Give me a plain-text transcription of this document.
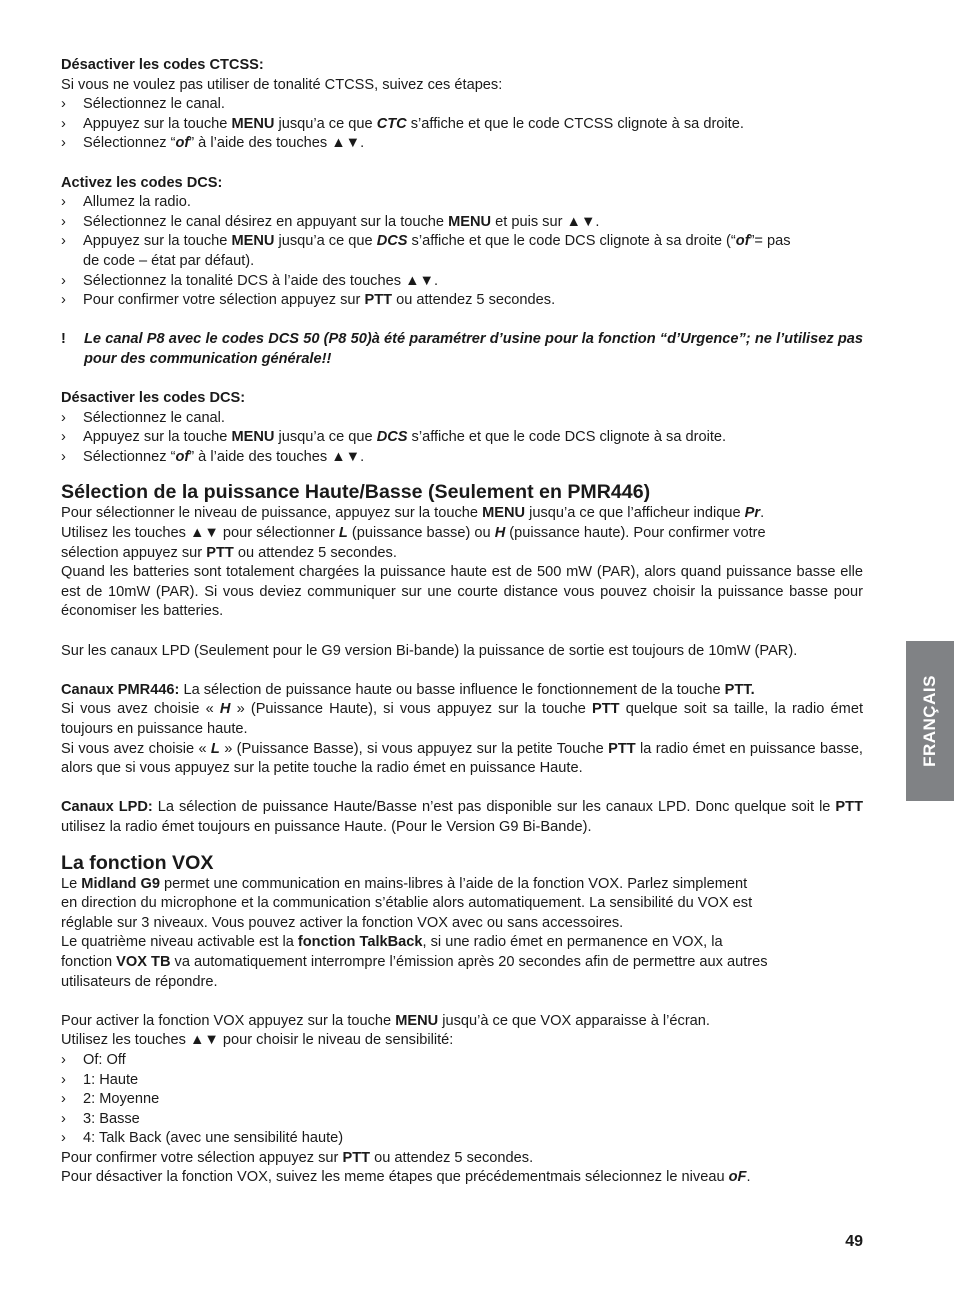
Désactiver les codes CTCSS:
Si vous ne voulez pas utiliser de tonalité CTCSS, suivez ces étapes:
› Sélectionnez le canal.
› Appuyez sur la touche MENU jusqu’a ce que CTC s’affiche et que le code CTCSS clignote à sa droite.
› Sélectionnez “of” à l’aide des touches ▲▼.
Activez les codes DCS:
› Allumez la radio.
› Sélectionnez le canal désirez en appuyant sur la touche MENU et puis sur ▲▼.
› Appuyez sur la touche MENU jusqu’a ce que DCS s’affiche et que le code DCS clignote à sa droite (“of”= pas
de code – état par défaut).
› Sélectionnez la tonalité DCS à l’aide des touches ▲▼.
› Pour confirmer votre sélection appuyez sur PTT ou attendez 5 secondes.
! Le canal P8 avec le codes DCS 50 (P8 50)à été paramétrer d’usine pour la fonction “d’Urgence”; ne l’utilisez pas pour des communication générale!!
Désactiver les codes DCS:
› Sélectionnez le canal.
› Appuyez sur la touche MENU jusqu’a ce que DCS s’affiche et que le code DCS clignote à sa droite.
› Sélectionnez “of” à l’aide des touches ▲▼.
Sélection de la puissance Haute/Basse (Seulement en PMR446)
Pour sélectionner le niveau de puissance, appuyez sur la touche MENU jusqu’a ce que l’afficheur indique Pr.
Utilisez les touches ▲▼ pour sélectionner L (puissance basse) ou H (puissance haute). Pour confirmer votre
sélection appuyez sur PTT ou attendez 5 secondes.
Quand les batteries sont totalement chargées la puissance haute est de 500 mW (PAR), alors quand puissance basse elle est de 10mW (PAR). Si vous deviez communiquer sur une courte distance vous pouvez choisir la puissance basse pour économiser les batteries.
Sur les canaux LPD (Seulement pour le G9 version Bi-bande) la puissance de sortie est toujours de 10mW (PAR).
Canaux PMR446: La sélection de puissance haute ou basse influence le fonctionnement de la touche PTT.
Si vous avez choisie « H » (Puissance Haute), si vous appuyez sur la touche PTT quelque soit sa taille, la radio émet toujours en puissance haute.
Si vous avez choisie « L » (Puissance Basse), si vous appuyez sur la petite Touche PTT la radio émet en puissance basse, alors que si vous appuyez sur la petite touche la radio émet en puissance Haute.
Canaux LPD: La sélection de puissance Haute/Basse n’est pas disponible sur les canaux LPD. Donc quelque soit le PTT utilisez la radio émet toujours en puissance Haute. (Pour le Version G9 Bi-Bande).
La fonction VOX
Le Midland G9 permet une communication en mains-libres à l’aide de la fonction VOX. Parlez simplement
en direction du microphone et la communication s’établie alors automatiquement. La sensibilité du VOX est
réglable sur 3 niveaux. Vous pouvez activer la fonction VOX avec ou sans accessoires.
Le quatrième niveau activable est la fonction TalkBack, si une radio émet en permanence en VOX, la
fonction VOX TB va automatiquement interrompre l’émission après 20 secondes afin de permettre aux autres
utilisateurs de répondre.
Pour activer la fonction VOX appuyez sur la touche MENU jusqu’à ce que VOX apparaisse à l’écran.
Utilisez les touches ▲▼ pour choisir le niveau de sensibilité:
› Of: Off
› 1: Haute
› 2: Moyenne
› 3: Basse
› 4: Talk Back (avec une sensibilité haute)
Pour confirmer votre sélection appuyez sur PTT ou attendez 5 secondes.
Pour désactiver la fonction VOX, suivez les meme étapes que précédementmais sélecionnez le niveau oF.
FRANÇAIS
49
